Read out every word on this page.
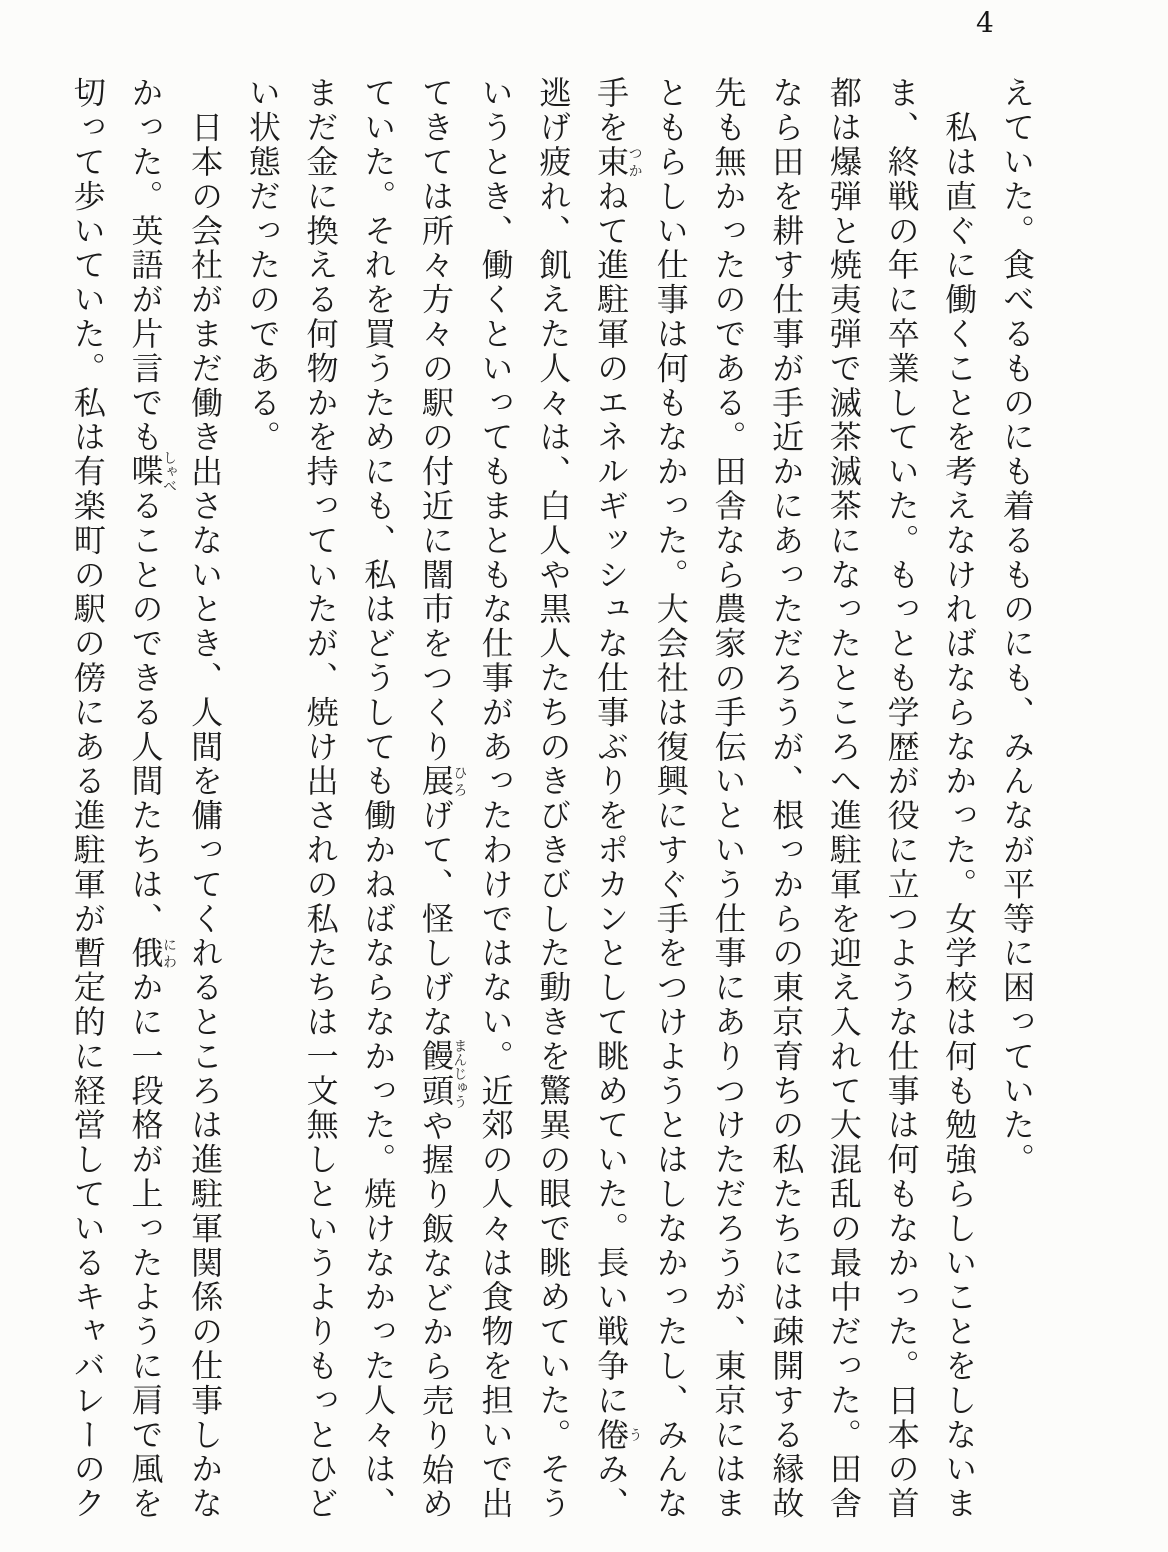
4

えていた。食べるものにも着るものにも、みんなが平等に困っていた。

　私は直ぐに働くことを考えなければならなかった。女学校は何も勉強らしいことをしないま

ま、終戦の年に卒業していた。もっとも学歴が役に立つような仕事は何もなかった。日本の首

都は爆弾と焼夷弾で滅茶滅茶になったところへ進駐軍を迎え入れて大混乱の最中だった。田舎

なら田を耕す仕事が手近かにあっただろうが、根っからの東京育ちの私たちには疎開する縁故

先も無かったのである。田舎なら農家の手伝いという仕事にありつけただろうが、東京にはま

ともらしい仕事は何もなかった。大会社は復興にすぐ手をつけようとはしなかったし、みんな

手を束つかねて進駐軍のエネルギッシュな仕事ぶりをポカンとして眺めていた。長い戦争に倦うみ、

逃げ疲れ、飢えた人々は、白人や黒人たちのきびきびした動きを驚異の眼で眺めていた。そう

いうとき、働くといってもまともな仕事があったわけではない。近郊の人々は食物を担いで出

てきては所々方々の駅の付近に闇市をつくり展ひろげて、怪しげな饅頭まんじゅうや握り飯などから売り始め

ていた。それを買うためにも、私はどうしても働かねばならなかった。焼けなかった人々は、

まだ金に換える何物かを持っていたが、焼け出されの私たちは一文無しというよりもっとひど

い状態だったのである。

　日本の会社がまだ働き出さないとき、人間を傭ってくれるところは進駐軍関係の仕事しかな

かった。英語が片言でも喋しゃべることのできる人間たちは、俄にわかに一段格が上ったように肩で風を

切って歩いていた。私は有楽町の駅の傍にある進駐軍が暫定的に経営しているキャバレーのク
